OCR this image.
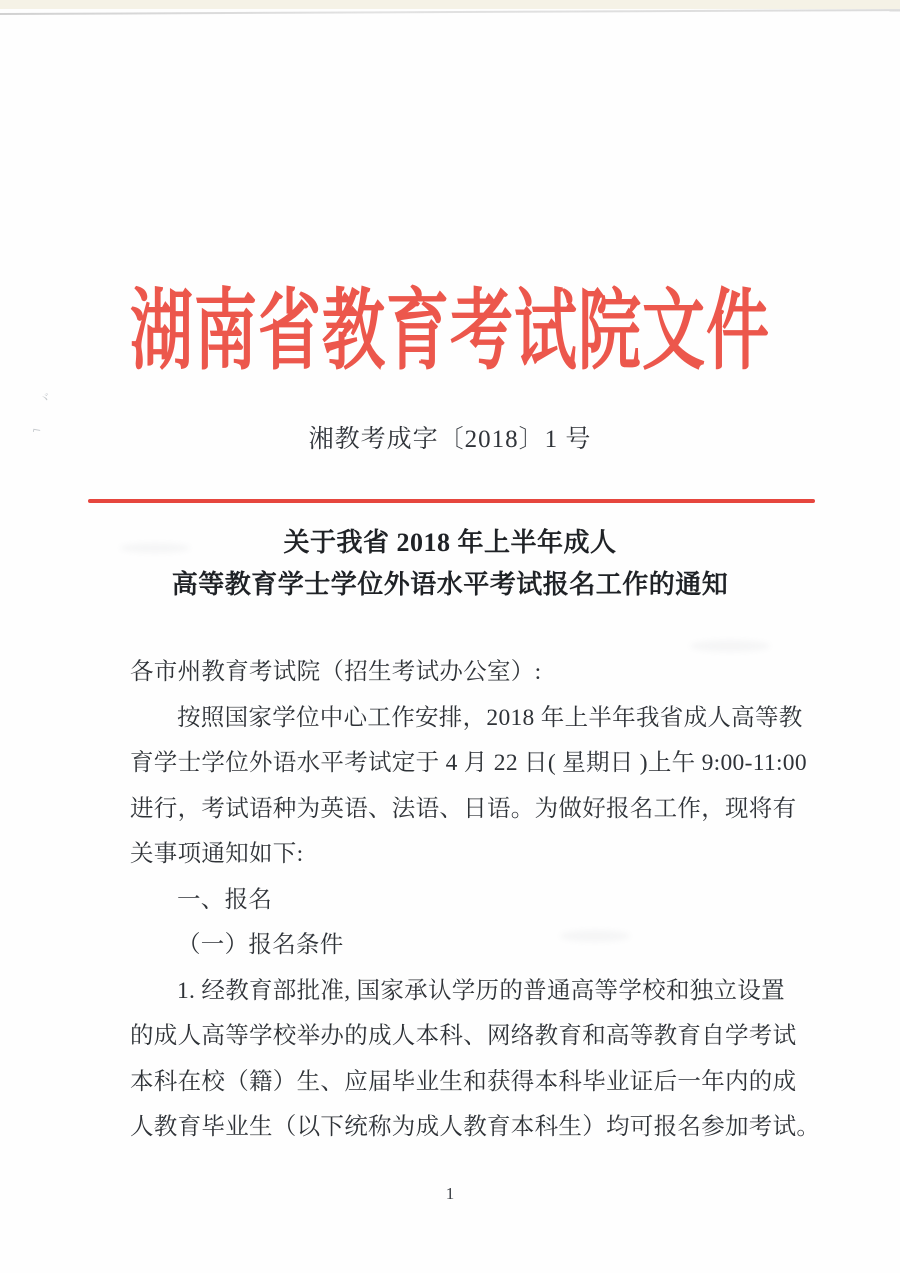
ヾ
⌐
湖南省教育考试院文件
湘教考成字〔2018〕1 号
关于我省 2018 年上半年成人
高等教育学士学位外语水平考试报名工作的通知
各市州教育考试院（招生考试办公室）:
按照国家学位中心工作安排，2018 年上半年我省成人高等教
育学士学位外语水平考试定于 4 月 22 日( 星期日 )上午 9:00-11:00
进行，考试语种为英语、法语、日语。为做好报名工作，现将有
关事项通知如下:
一、报名
（一）报名条件
1. 经教育部批准, 国家承认学历的普通高等学校和独立设置
的成人高等学校举办的成人本科、网络教育和高等教育自学考试
本科在校（籍）生、应届毕业生和获得本科毕业证后一年内的成
人教育毕业生（以下统称为成人教育本科生）均可报名参加考试。
1
